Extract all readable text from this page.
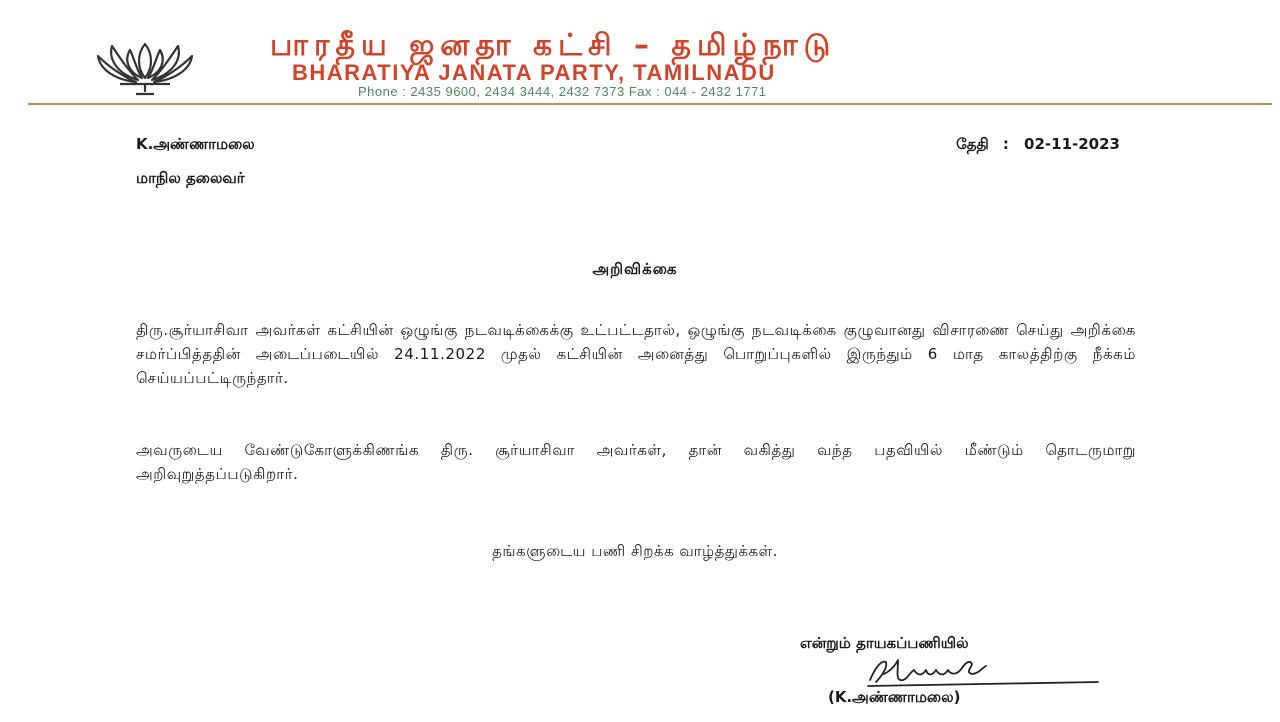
பாரதீய ஜனதா கட்சி – தமிழ்நாடு
BHARATIYA JANATA PARTY, TAMILNADU
Phone : 2435 9600, 2434 3444, 2432 7373 Fax : 044 - 2432 1771
K.அண்ணாமலை
மாநில தலைவர்
தேதி : 02-11-2023
அறிவிக்கை
திரு.சூர்யாசிவா அவர்கள் கட்சியின் ஒழுங்கு நடவடிக்கைக்கு உட்பட்டதால், ஒழுங்கு நடவடிக்கை குழுவானது விசாரணை செய்து அறிக்கை சமர்ப்பித்ததின் அடைப்படையில் 24.11.2022 முதல் கட்சியின் அனைத்து பொறுப்புகளில் இருந்தும் 6 மாத காலத்திற்கு நீக்கம் செய்யப்பட்டிருந்தார்.
அவருடைய வேண்டுகோளுக்கிணங்க திரு. சூர்யாசிவா அவர்கள், தான் வகித்து வந்த பதவியில் மீண்டும் தொடருமாறு அறிவுறுத்தப்படுகிறார்.
தங்களுடைய பணி சிறக்க வாழ்த்துக்கள்.
என்றும் தாயகப்பணியில்
(K.அண்ணாமலை)
